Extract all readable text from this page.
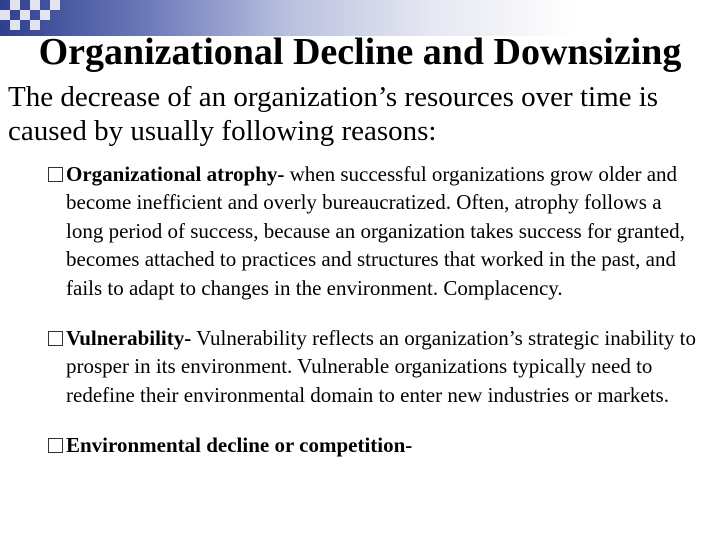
Organizational Decline and Downsizing

The decrease of an organization’s resources over time is caused by usually following reasons:

Organizational atrophy- when successful organizations grow older and become inefficient and overly bureaucratized. Often, atrophy follows a long period of success, because an organization takes success for granted, becomes attached to practices and structures that worked in the past, and fails to adapt to changes in the environment. Complacency.
Vulnerability- Vulnerability reflects an organization’s strategic inability to prosper in its environment. Vulnerable organizations typically need to redefine their environmental domain to enter new industries or markets.
Environmental decline or competition-
